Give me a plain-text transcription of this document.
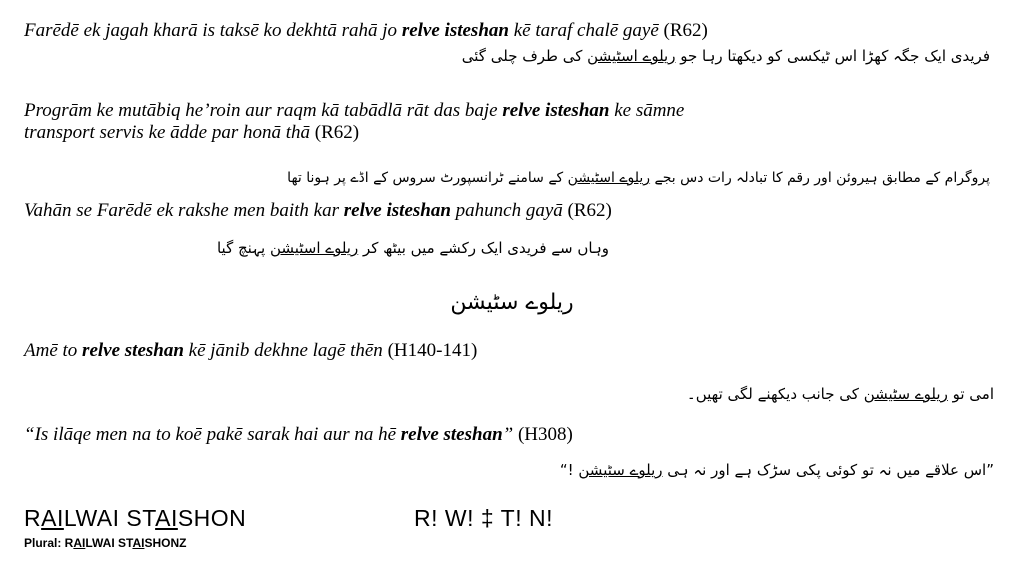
Farēdē ek jagah kharā is taksē ko dekhtā rahā jo relve isteshan kē taraf chalē gayē (R62)
فریدی ایک جگہ کھڑا اس ٹیکسی کو دیکھتا رہا جو ریلوے اسٹیشن کی طرف چلی گئی
Progrām ke mutābiq he’roin aur raqm kā tabādlā rāt das baje relve isteshan ke sāmne
transport servis ke ādde par honā thā (R62)
پروگرام کے مطابق ہیروئن اور رقم کا تبادلہ رات دس بجے ریلوے اسٹیشن کے سامنے ٹرانسپورٹ سروس کے اڈے پر ہونا تھا
Vahān se Farēdē ek rakshe men baith kar relve isteshan pahunch gayā (R62)
وہاں سے فریدی ایک رکشے میں بیٹھ کر ریلوے اسٹیشن پہنچ گیا
ریلوے سٹیشن
Amē to relve steshan kē jānib dekhne lagē thēn (H140-141)
امی تو ریلوے سٹیشن کی جانب دیکھنے لگی تھیں۔
“Is ilāqe men na to koē pakē sarak hai aur na hē relve steshan” (H308)
”اس علاقے میں نہ تو کوئی پکی سڑک ہے اور نہ ہی ریلوے سٹیشن !“
RAILWAI STAISHON	R! W! ‡ T! N!
Plural: RAILWAI STAISHONZ
